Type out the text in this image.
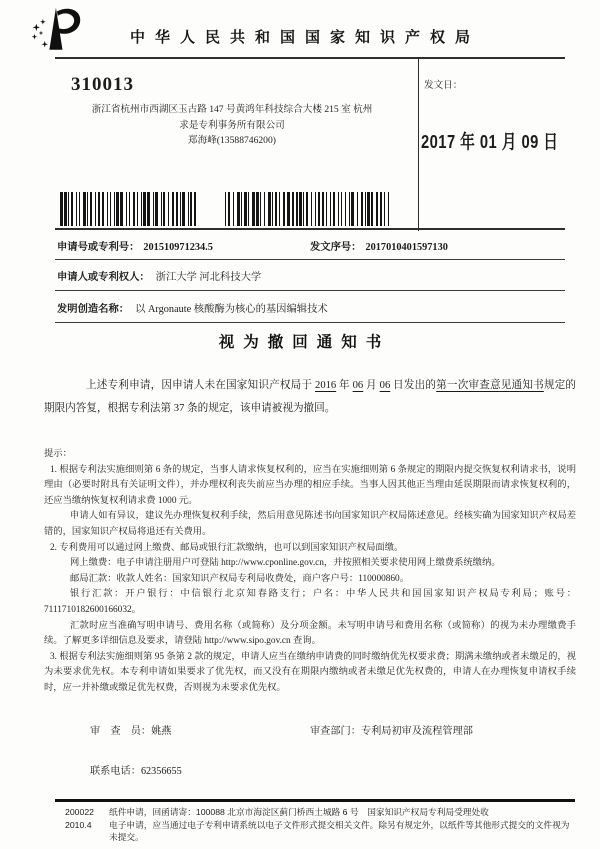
中华人民共和国国家知识产权局
310013
浙江省杭州市西湖区玉古路 147 号黄鸿年科技综合大楼 215 室 杭州
求是专利事务所有限公司
郑海峰(13588746200)
发文日：
2017 年 01 月 09 日
申请号或专利号： 201510971234.5	发文序号： 2017010401597130
申请人或专利权人： 浙江大学 河北科技大学
发明创造名称： 以 Argonaute 核酸酶为核心的基因编辑技术
视为撤回通知书

上述专利申请，因申请人未在国家知识产权局于 2016 年 06 月 06 日发出的第一次审查意见通知书规定的期限内答复，根据专利法第 37 条的规定，该申请被视为撤回。

提示：

1. 根据专利法实施细则第 6 条的规定，当事人请求恢复权利的，应当在实施细则第 6 条规定的期限内提交恢复权利请求书，说明理由（必要时附具有关证明文件），并办理权利丧失前应当办理的相应手续。当事人因其他正当理由延误期限而请求恢复权利的，还应当缴纳恢复权利请求费 1000 元。

申请人如有异议，建议先办理恢复权利手续，然后用意见陈述书向国家知识产权局陈述意见。经核实确为国家知识产权局差错的，国家知识产权局将退还有关费用。

2. 专利费用可以通过网上缴费、邮局或银行汇款缴纳，也可以到国家知识产权局面缴。

网上缴费：电子申请注册用户可登陆 http://www.cponline.gov.cn，并按照相关要求使用网上缴费系统缴纳。

邮局汇款：收款人姓名：国家知识产权局专利局收费处，商户客户号：110000860。

银行汇款：开户银行：中信银行北京知春路支行；户名：中华人民共和国国家知识产权局专利局；账号：7111710182600166032。

汇款时应当准确写明申请号、费用名称（或简称）及分项金额。未写明申请号和费用名称（或简称）的视为未办理缴费手续。了解更多详细信息及要求，请登陆 http://www.sipo.gov.cn 查询。

3. 根据专利法实施细则第 95 条第 2 款的规定，申请人应当在缴纳申请费的同时缴纳优先权要求费；期满未缴纳或者未缴足的，视为未要求优先权。本专利申请如果要求了优先权，而又没有在期限内缴纳或者未缴足优先权费的，申请人在办理恢复申请权手续时，应一并补缴或缴足优先权费，否则视为未要求优先权。

审　查　员：姚燕	审查部门：专利局初审及流程管理部
联系电话：62356655
200022
2010.4
纸件申请，回函请寄：100088 北京市海淀区蓟门桥西土城路 6 号　国家知识产权局专利局受理处收
电子申请，应当通过电子专利申请系统以电子文件形式提交相关文件。除另有规定外，以纸件等其他形式提交的文件视为未提交。
